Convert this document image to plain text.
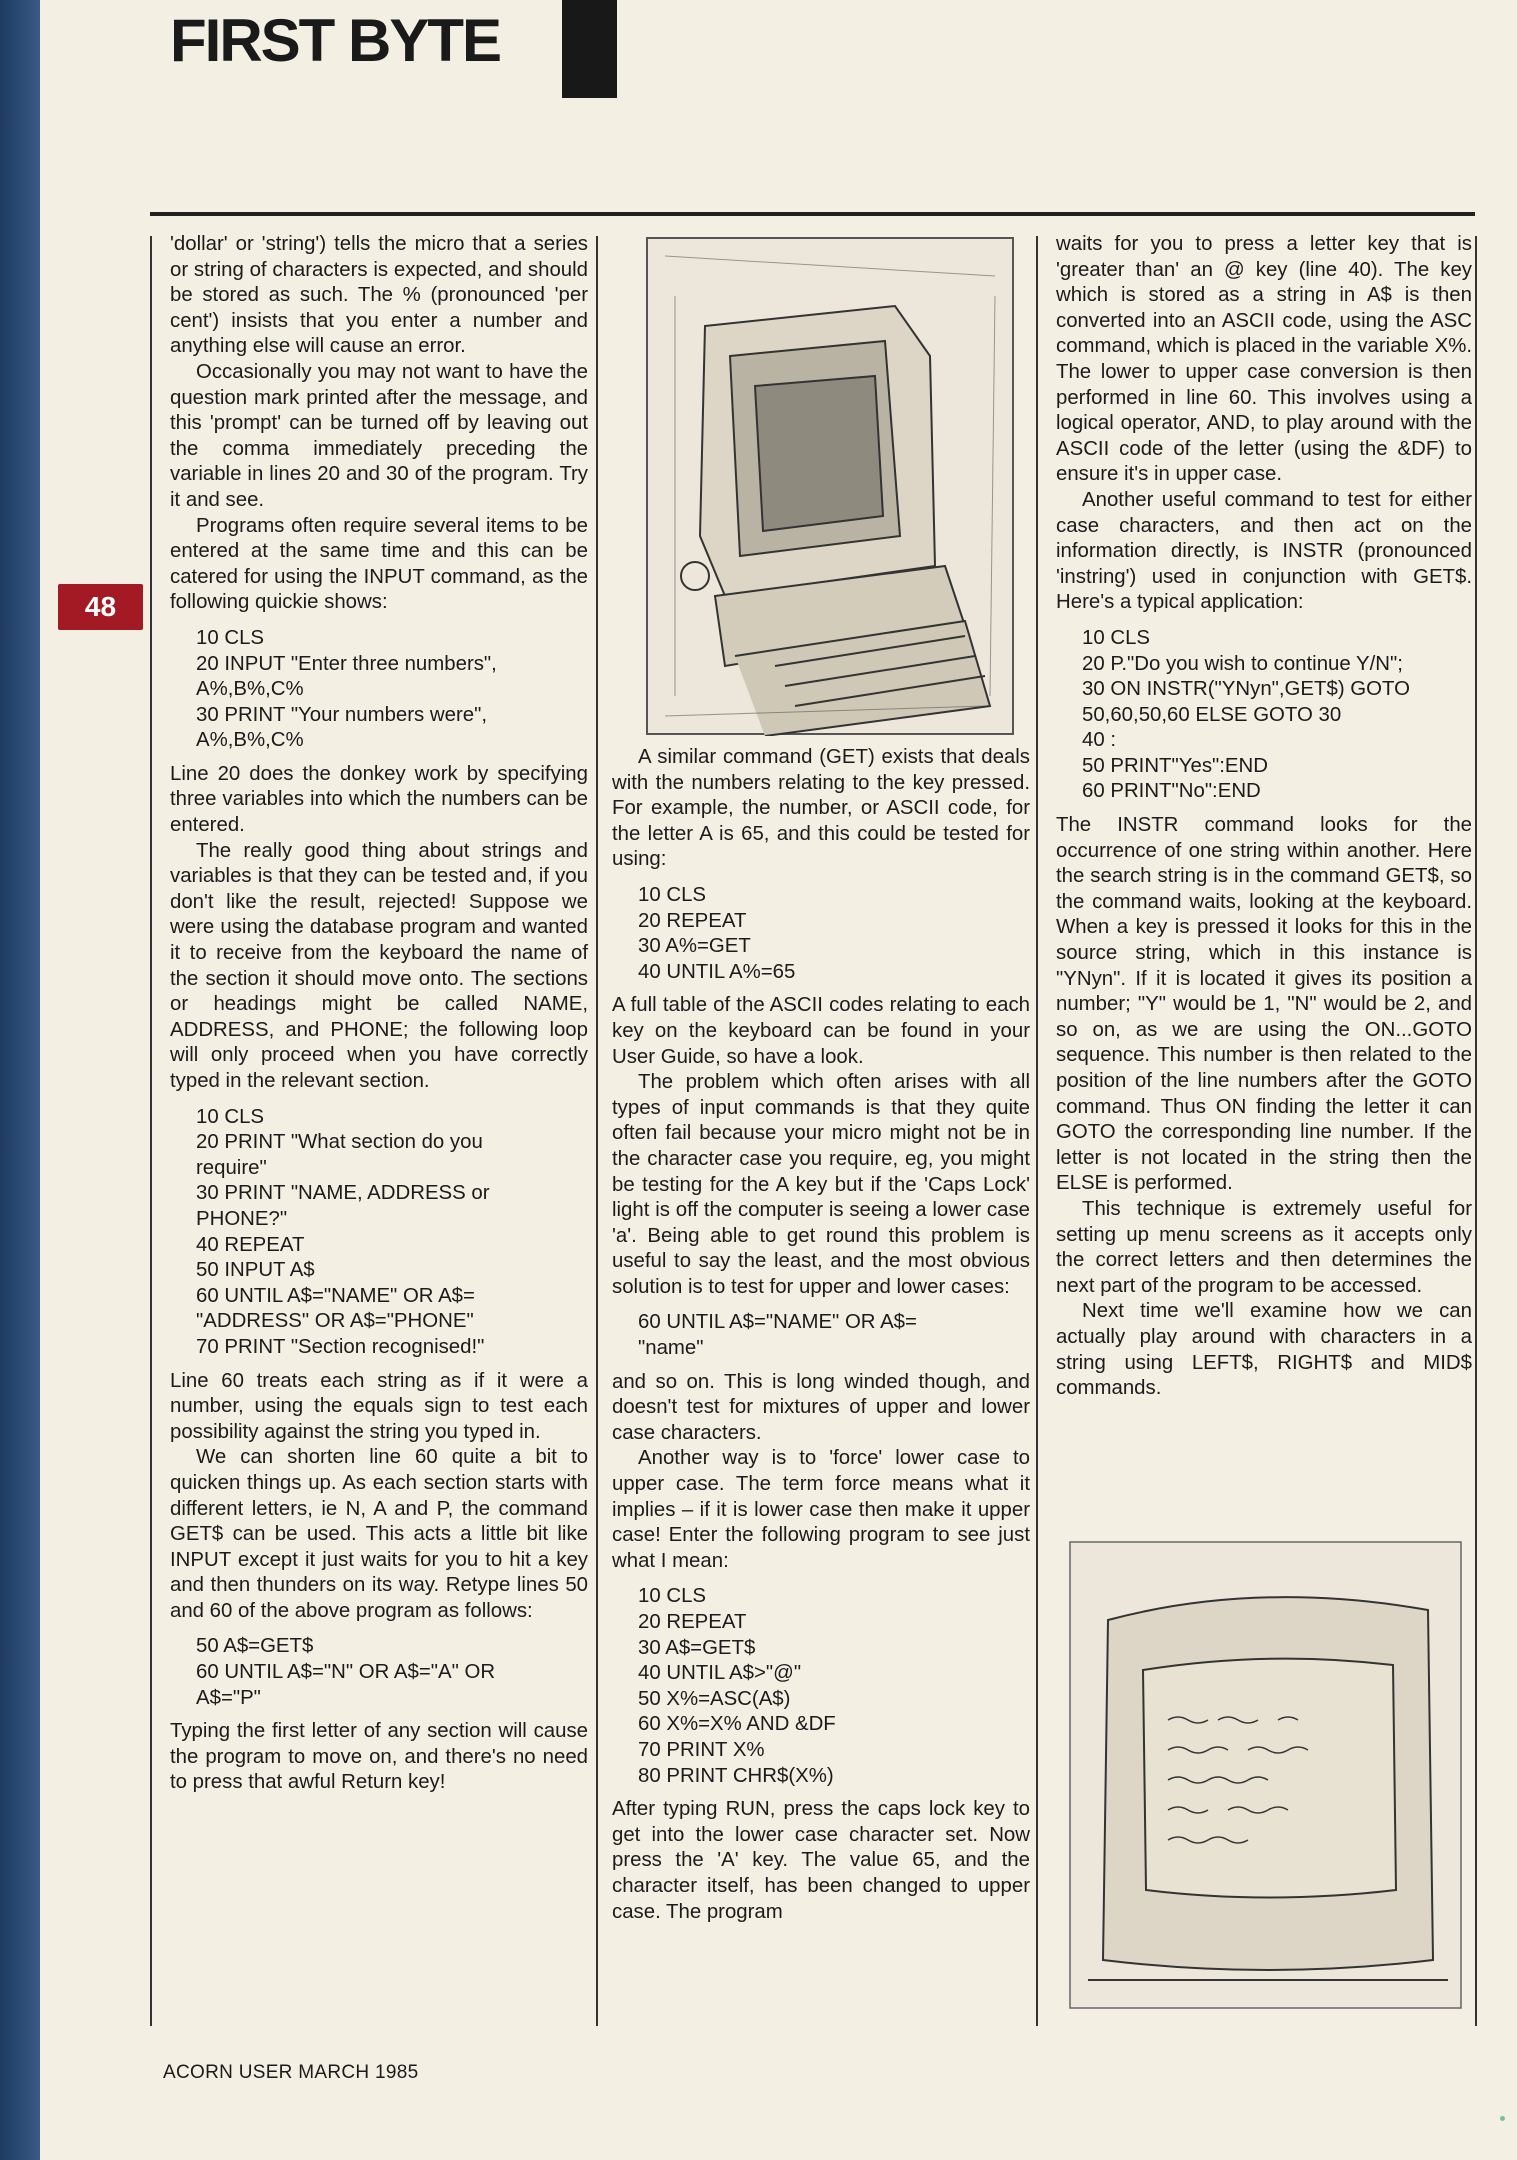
FIRST BYTE
48

'dollar' or 'string') tells the micro that a series or string of characters is expected, and should be stored as such. The % (pronounced 'per cent') insists that you enter a number and anything else will cause an error.

Occasionally you may not want to have the question mark printed after the message, and this 'prompt' can be turned off by leaving out the comma immediately preceding the variable in lines 20 and 30 of the program. Try it and see.

Programs often require several items to be entered at the same time and this can be catered for using the INPUT command, as the following quickie shows:

10 CLS
20 INPUT "Enter three numbers",
A%,B%,C%
30 PRINT "Your numbers were",
A%,B%,C%

Line 20 does the donkey work by specifying three variables into which the numbers can be entered.

The really good thing about strings and variables is that they can be tested and, if you don't like the result, rejected! Suppose we were using the database program and wanted it to receive from the keyboard the name of the section it should move onto. The sections or headings might be called NAME, ADDRESS, and PHONE; the following loop will only proceed when you have correctly typed in the relevant section.

10 CLS
20 PRINT "What section do you
require"
30 PRINT "NAME, ADDRESS or
PHONE?"
40 REPEAT
50 INPUT A$
60 UNTIL A$="NAME" OR A$=
"ADDRESS" OR A$="PHONE"
70 PRINT "Section recognised!"

Line 60 treats each string as if it were a number, using the equals sign to test each possibility against the string you typed in.

We can shorten line 60 quite a bit to quicken things up. As each section starts with different letters, ie N, A and P, the command GET$ can be used. This acts a little bit like INPUT except it just waits for you to hit a key and then thunders on its way. Retype lines 50 and 60 of the above program as follows:

50 A$=GET$
60 UNTIL A$="N" OR A$="A" OR
A$="P"

Typing the first letter of any section will cause the program to move on, and there's no need to press that awful Return key!

A similar command (GET) exists that deals with the numbers relating to the key pressed. For example, the number, or ASCII code, for the letter A is 65, and this could be tested for using:

10 CLS
20 REPEAT
30 A%=GET
40 UNTIL A%=65

A full table of the ASCII codes relating to each key on the keyboard can be found in your User Guide, so have a look.

The problem which often arises with all types of input commands is that they quite often fail because your micro might not be in the character case you require, eg, you might be testing for the A key but if the 'Caps Lock' light is off the computer is seeing a lower case 'a'. Being able to get round this problem is useful to say the least, and the most obvious solution is to test for upper and lower cases:

60 UNTIL A$="NAME" OR A$=
"name"

and so on. This is long winded though, and doesn't test for mixtures of upper and lower case characters.

Another way is to 'force' lower case to upper case. The term force means what it implies – if it is lower case then make it upper case! Enter the following program to see just what I mean:

10 CLS
20 REPEAT
30 A$=GET$
40 UNTIL A$>"@"
50 X%=ASC(A$)
60 X%=X% AND &DF
70 PRINT X%
80 PRINT CHR$(X%)

After typing RUN, press the caps lock key to get into the lower case character set. Now press the 'A' key. The value 65, and the character itself, has been changed to upper case. The program

waits for you to press a letter key that is 'greater than' an @ key (line 40). The key which is stored as a string in A$ is then converted into an ASCII code, using the ASC command, which is placed in the variable X%. The lower to upper case conversion is then performed in line 60. This involves using a logical operator, AND, to play around with the ASCII code of the letter (using the &DF) to ensure it's in upper case.

Another useful command to test for either case characters, and then act on the information directly, is INSTR (pronounced 'instring') used in conjunction with GET$. Here's a typical application:

10 CLS
20 P."Do you wish to continue Y/N";
30 ON INSTR("YNyn",GET$) GOTO
50,60,50,60 ELSE GOTO 30
40 :
50 PRINT"Yes":END
60 PRINT"No":END

The INSTR command looks for the occurrence of one string within another. Here the search string is in the command GET$, so the command waits, looking at the keyboard. When a key is pressed it looks for this in the source string, which in this instance is "YNyn". If it is located it gives its position a number; "Y" would be 1, "N" would be 2, and so on, as we are using the ON...GOTO sequence. This number is then related to the position of the line numbers after the GOTO command. Thus ON finding the letter it can GOTO the corresponding line number. If the letter is not located in the string then the ELSE is performed.

This technique is extremely useful for setting up menu screens as it accepts only the correct letters and then determines the next part of the program to be accessed.

Next time we'll examine how we can actually play around with characters in a string using LEFT$, RIGHT$ and MID$ commands.

ACORN USER MARCH 1985
